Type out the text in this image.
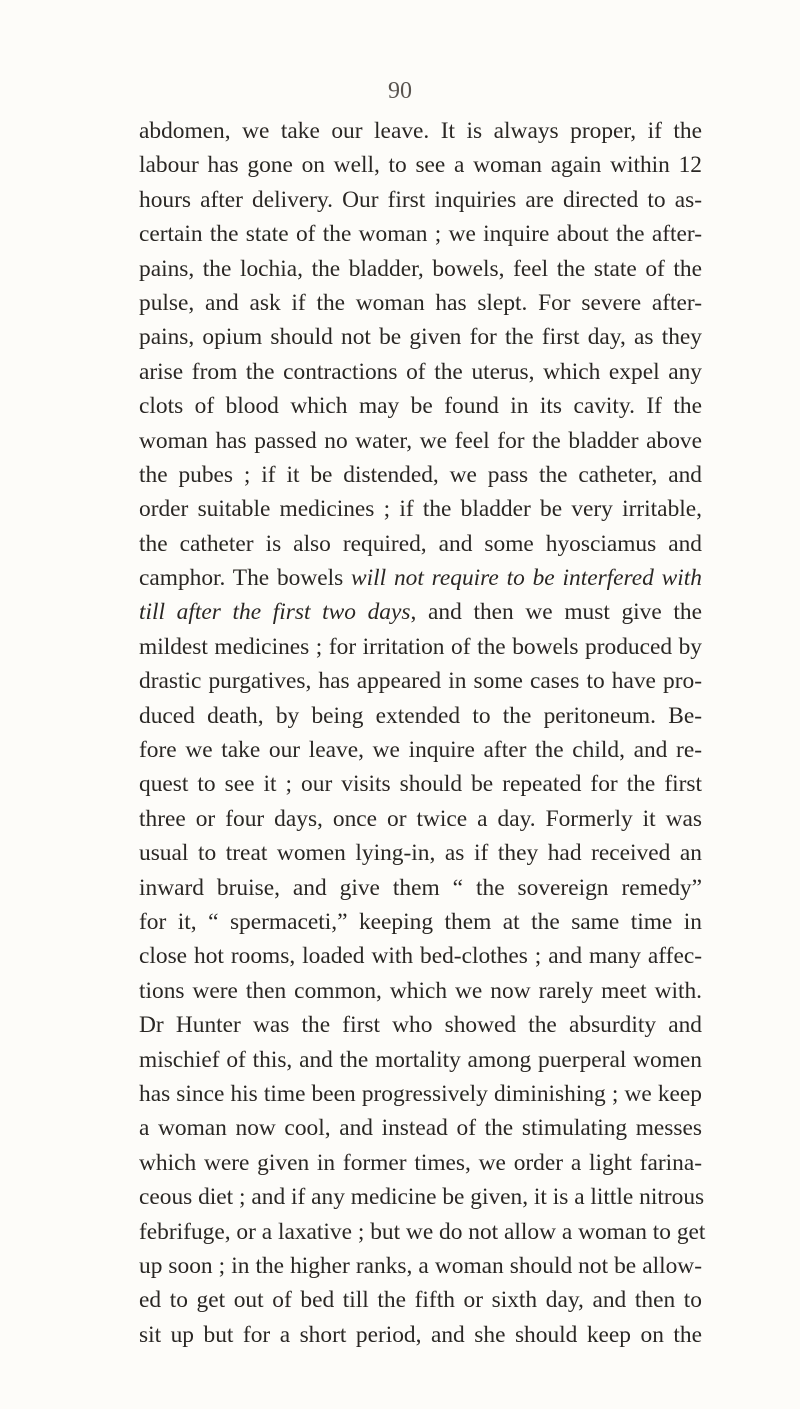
90
abdomen, we take our leave. It is always proper, if the
labour has gone on well, to see a woman again within 12
hours after delivery. Our first inquiries are directed to as-
certain the state of the woman ; we inquire about the after-
pains, the lochia, the bladder, bowels, feel the state of the
pulse, and ask if the woman has slept. For severe after-
pains, opium should not be given for the first day, as they
arise from the contractions of the uterus, which expel any
clots of blood which may be found in its cavity. If the
woman has passed no water, we feel for the bladder above
the pubes ; if it be distended, we pass the catheter, and
order suitable medicines ; if the bladder be very irritable,
the catheter is also required, and some hyosciamus and
camphor. The bowels will not require to be interfered with
till after the first two days, and then we must give the
mildest medicines ; for irritation of the bowels produced by
drastic purgatives, has appeared in some cases to have pro-
duced death, by being extended to the peritoneum. Be-
fore we take our leave, we inquire after the child, and re-
quest to see it ; our visits should be repeated for the first
three or four days, once or twice a day. Formerly it was
usual to treat women lying-in, as if they had received an
inward bruise, and give them “ the sovereign remedy”
for it, “ spermaceti,” keeping them at the same time in
close hot rooms, loaded with bed-clothes ; and many affec-
tions were then common, which we now rarely meet with.
Dr Hunter was the first who showed the absurdity and
mischief of this, and the mortality among puerperal women
has since his time been progressively diminishing ; we keep
a woman now cool, and instead of the stimulating messes
which were given in former times, we order a light farina-
ceous diet ; and if any medicine be given, it is a little nitrous
febrifuge, or a laxative ; but we do not allow a woman to get
up soon ; in the higher ranks, a woman should not be allow-
ed to get out of bed till the fifth or sixth day, and then to
sit up but for a short period, and she should keep on the
